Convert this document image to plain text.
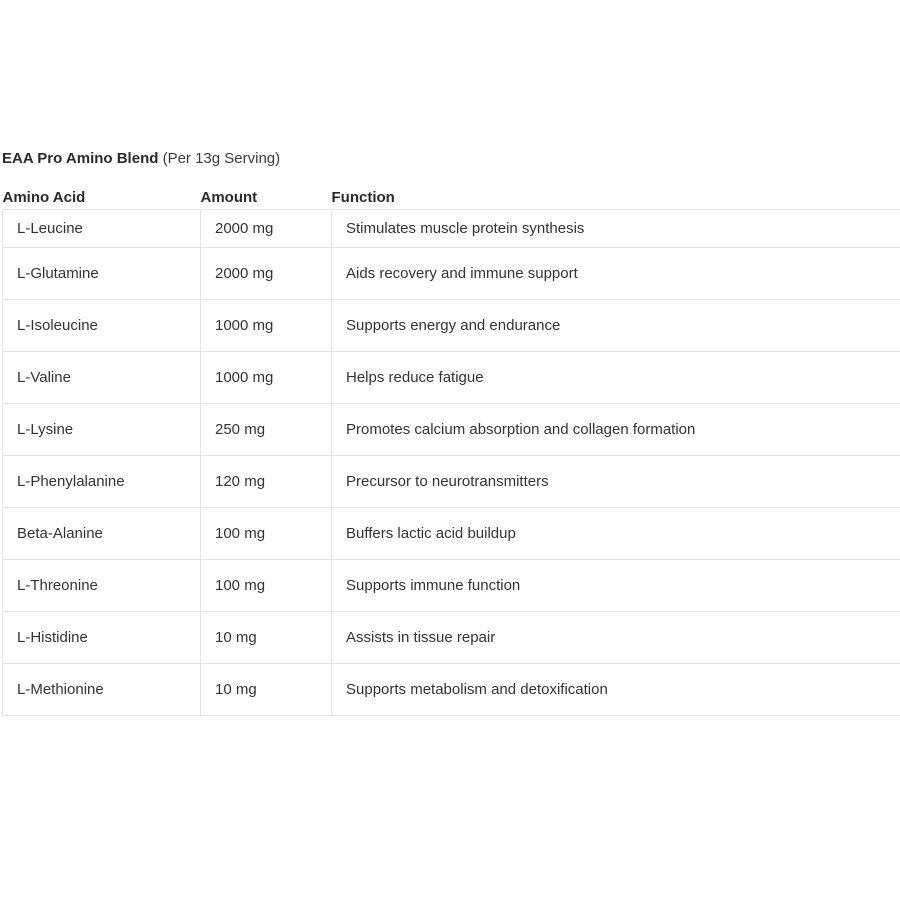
EAA Pro Amino Blend (Per 13g Serving)

Amino Acid	Amount	Function
L-Leucine	2000 mg	Stimulates muscle protein synthesis
L-Glutamine	2000 mg	Aids recovery and immune support
L-Isoleucine	1000 mg	Supports energy and endurance
L-Valine	1000 mg	Helps reduce fatigue
L-Lysine	250 mg	Promotes calcium absorption and collagen formation
L-Phenylalanine	120 mg	Precursor to neurotransmitters
Beta-Alanine	100 mg	Buffers lactic acid buildup
L-Threonine	100 mg	Supports immune function
L-Histidine	10 mg	Assists in tissue repair
L-Methionine	10 mg	Supports metabolism and detoxification
